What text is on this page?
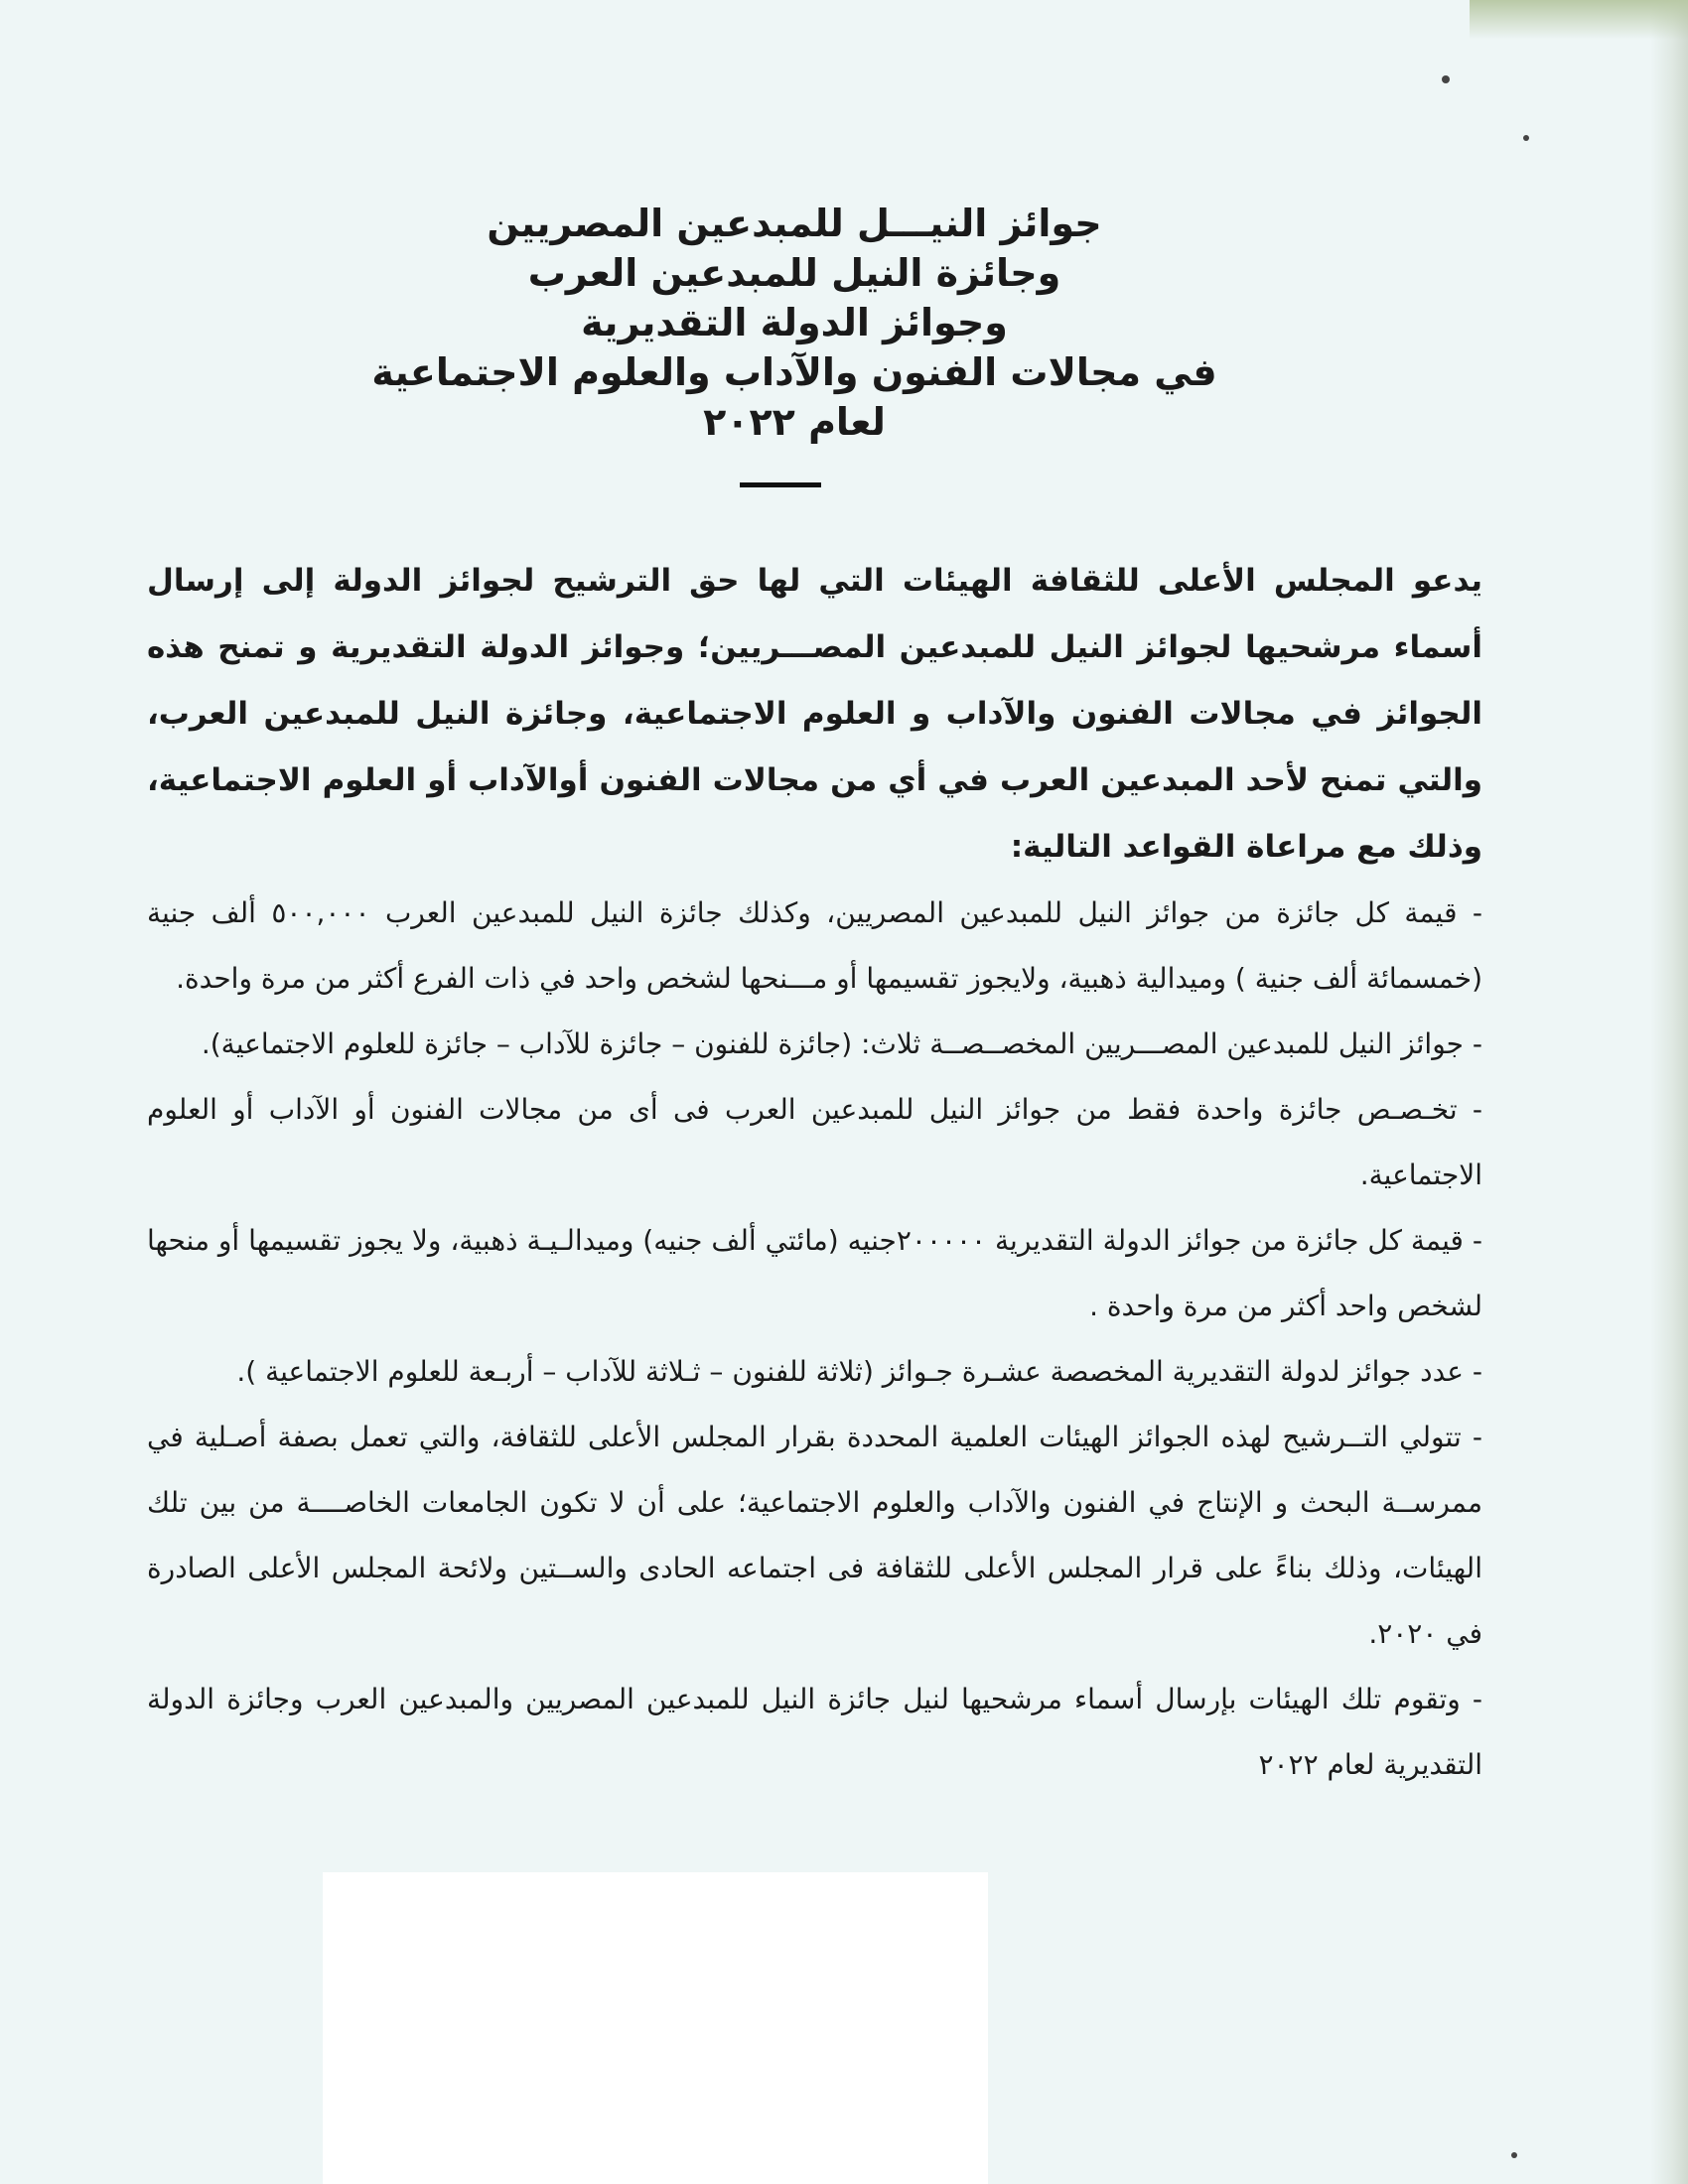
جوائز النيـــل للمبدعين المصريين
وجائزة النيل للمبدعين العرب
وجوائز الدولة التقديرية
في مجالات الفنون والآداب والعلوم الاجتماعية
لعام ٢٠٢٢

يدعو المجلس الأعلى للثقافة الهيئات التي لها حق الترشيح لجوائز الدولة إلى إرسال أسماء مرشحيها لجوائز النيل للمبدعين المصـــريين؛ وجوائز الدولة التقديرية و تمنح هذه الجوائز في مجالات الفنون والآداب و العلوم الاجتماعية، وجائزة النيل للمبدعين العرب، والتي تمنح لأحد المبدعين العرب في أي من مجالات الفنون أوالآداب أو العلوم الاجتماعية، وذلك مع مراعاة القواعد التالية:

- قيمة كل جائزة من جوائز النيل للمبدعين المصريين، وكذلك جائزة النيل للمبدعين العرب ٥٠٠,٠٠٠ ألف جنية (خمسمائة ألف جنية ) وميدالية ذهبية، ولايجوز تقسيمها أو مـــنحها لشخص واحد في ذات الفرع أكثر من مرة واحدة.

- جوائز النيل للمبدعين المصـــريين المخصــصــة ثلاث: (جائزة للفنون – جائزة للآداب – جائزة للعلوم الاجتماعية).

- تخـصـص جائزة واحدة فقط من جوائز النيل للمبدعين العرب فى أى من مجالات الفنون أو الآداب أو العلوم الاجتماعية.

- قيمة كل جائزة من جوائز الدولة التقديرية ٢٠٠٠٠٠جنيه (مائتي ألف جنيه) وميدالـيـة ذهبية، ولا يجوز تقسيمها أو منحها لشخص واحد أكثر من مرة واحدة .

- عدد جوائز لدولة التقديرية المخصصة عشـرة جـوائز (ثلاثة للفنون – ثـلاثة للآداب – أربـعة للعلوم الاجتماعية ).

- تتولي التــرشيح لهذه الجوائز الهيئات العلمية المحددة بقرار المجلس الأعلى للثقافة، والتي تعمل بصفة أصـلية في ممرســة البحث و الإنتاج في الفنون والآداب والعلوم الاجتماعية؛ على أن لا تكون الجامعات الخاصــــة من بين تلك الهيئات، وذلك بناءً على قرار المجلس الأعلى للثقافة فى اجتماعه الحادى والســتين ولائحة المجلس الأعلى الصادرة في ٢٠٢٠.

- وتقوم تلك الهيئات بإرسال أسماء مرشحيها لنيل جائزة النيل للمبدعين المصريين والمبدعين العرب وجائزة الدولة التقديرية لعام ٢٠٢٢
